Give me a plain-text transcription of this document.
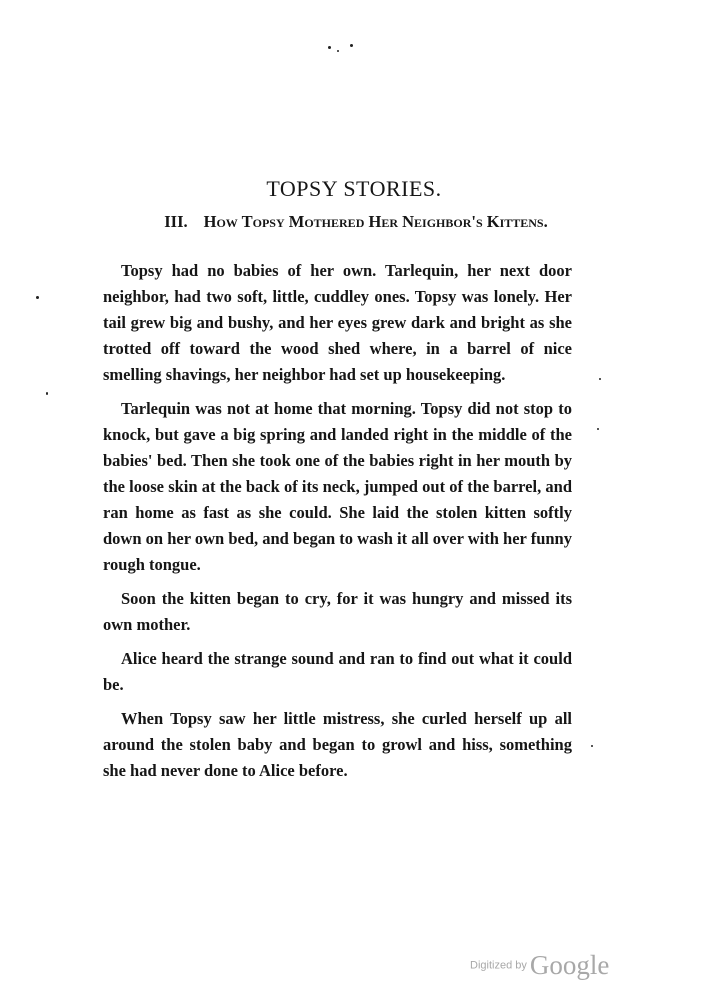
TOPSY STORIES.
III. How Topsy Mothered Her Neighbor's Kittens.

Topsy had no babies of her own. Tarlequin, her next door neighbor, had two soft, little, cuddley ones. Topsy was lonely. Her tail grew big and bushy, and her eyes grew dark and bright as she trotted off toward the wood shed where, in a barrel of nice smelling shavings, her neighbor had set up housekeeping.

Tarlequin was not at home that morning. Topsy did not stop to knock, but gave a big spring and landed right in the middle of the babies' bed. Then she took one of the babies right in her mouth by the loose skin at the back of its neck, jumped out of the barrel, and ran home as fast as she could. She laid the stolen kitten softly down on her own bed, and began to wash it all over with her funny rough tongue.

Soon the kitten began to cry, for it was hungry and missed its own mother.

Alice heard the strange sound and ran to find out what it could be.

When Topsy saw her little mistress, she curled herself up all around the stolen baby and began to growl and hiss, something she had never done to Alice before.

Digitized by Google
